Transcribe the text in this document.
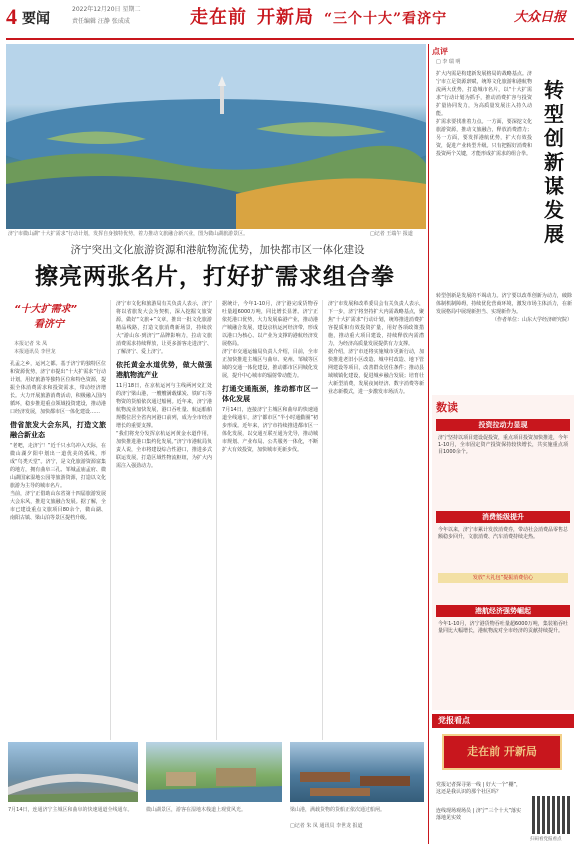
4 要闻
2022年12月20日 星期二
责任编辑 汪静 张成成	走在前 开新局 “三个十大”看济宁	大众日报
济宁市微山湖“十大扩需求”行动计划，发挥自身独特优势，着力推动文旅融合新兴业，图为微山湖旅游景区。	□记者 王端午 报道
济宁突出文化旅游资源和港航物流优势，加快都市区一体化建设
擦亮两张名片，打好扩需求组合拳
“十大扩需求”
看济宁
本报记者 朱 凤
本报通讯员 李世龙

孔孟之乡，运河之都。基于济宁的独特区位和资源优势，济宁市提出“十大扩需求”行动计划，用好旅游等独特区位和特色资源，提振全体消费需求和投资需求，带动经济增长。大力开展旅游消费活动，积极融入国内循环，稳步推进重点领域投资建设，推动港口经济发展，加快都市区一体化建设……

借省旅发大会东风，打造文旅融合新业态

“老吧，走济宁！”近千只水鸟冲入天际，在微山湖夕阳中划出一道优美的弧线，形成“鸟类天堂”。济宁，是文化旅游资源富集的地方，拥有曲阜三孔、邹城孟庙孟府、微山湖国家湿地公园等旅游资源，打造以文化旅游为主导的城市名片。

当前，济宁正借助山东省第十四届旅游发展大会东风，推进文旅融合发展。据了解，全市已建设重点文旅项目80余个，微山湖、南阳古镇、梁山泊等景区提档升级。

济宁市文化和旅游局有关负责人表示，济宁将以省旅发大会为契机，深入挖掘文旅资源，做好“文旅+”文章，推出一批文化旅游精品线路，打造文旅消费新场景，持续放大“游山东·到济宁”品牌影响力，拉动文旅消费需求持续释放，让更多游客走进济宁、了解济宁、爱上济宁。

依托黄金水道优势，做大做强港航物流产业

11月18日，在京杭运河与主线两河交汇处的济宁梁山港，一艘艘满载煤炭、铁矿石等物资的货船依次通过船闸。近年来，济宁港航物流业加快发展，港口吞吐量、航运船舶规模位居全省内河港口前列，成为全市经济增长的重要支撑。

“我们将充分发挥京杭运河黄金水道作用，加快推进港口集约化发展。”济宁市港航局负责人说，全市将建设综合性港口，推进多式联运发展，打造区域性物流枢纽，为扩大内需注入强劲动力。

据统计，今年1-10月，济宁港完成货物吞吐量超6000万吨，同比增长显著。济宁正依托港口优势，大力发展临港产业，推动港产城融合发展，建设京杭运河经济带，形成以港口为核心、以产业为支撑的港航经济发展格局。

济宁市交通运输局负责人介绍，目前，全市正加快推进主城区与曲阜、兖州、邹城等区域的交通一体化建设，推动都市区同城化发展，提升中心城市的辐射带动能力。

打通交通瓶颈，推动都市区一体化发展

7月14日，连接济宁主城区和曲阜的快速通道全线通车，济宁都市区“半小时通勤圈”初步形成。近年来，济宁市持续推进都市区一体化发展，以交通互联互通为先导，推动城市规划、产业布局、公共服务一体化，不断扩大有效投资，加快城市更新步伐。

济宁市发展和改革委员会有关负责人表示，下一步，济宁将坚持扩大内需战略基点，聚焦“十大扩需求”行动计划，统筹推进消费扩容提质和有效投资扩量，用好各项政策措施，推动重大项目建设，持续释放内需潜力，为经济高质量发展提供有力支撑。

据介绍，济宁市还将实施城市更新行动，加快推进老旧小区改造、城中村改造、地下管网建设等项目，改善群众居住条件；推动县域城镇化建设，促进城乡融合发展；培育壮大新型消费，发展夜间经济、数字消费等新业态新模式，进一步激发市场活力。

7月14日，连通济宁主城区和曲阜的快速通道全线通车。	微山湖景区，游客在湿地木栈道上观赏风光。	梁山港，满载货物的货船正依次通过船闸。
□记者 朱 凤 通讯员 李世龙 报道
点评
□ 李 瑞 明
转型创新谋发展

扩大内需是构建新发展格局的战略基点。济宁市立足资源禀赋，统筹文化旅游和港航物流两大优势，打造城市名片，以“十大扩需求”行动计划为抓手，推动消费扩容与投资扩量协同发力，为高质量发展注入持久动能。

扩需求要找准着力点。一方面，要深挖文化旅游资源，推动文旅融合，释放消费潜力；另一方面，要发挥港航优势，扩大有效投资，促进产业转型升级。只有把握好消费和投资两个关键，才能形成扩需求的组合拳。

转型创新是发展的不竭动力。济宁要以改革创新为动力，破除体制机制障碍，持续优化营商环境，激发市场主体活力，在新发展格局中展现新担当、实现新作为。

（作者单位：山东大学经济研究院）

数读
投资拉动力显现
济宁坚持以项目建设促投资，重点项目投资加快推进，今年1-10月，全市固定资产投资保持较快增长，共实施重点项目1000余个。
消费能级提升
今年以来，济宁市累计发放消费券，带动社会消费品零售总额稳步回升，文旅消费、汽车消费持续走热。
发放“大礼包”提振消费信心
港航经济强势崛起
今年1-10月，济宁港货物吞吐量超6000万吨，集装箱吞吐量同比大幅增长，港航物流对全市经济的贡献持续提升。
党报看点
走在前 开新局
党报记者探寻第一线 | 好大一个“棚”，这还是我认识的那个社区吗？
连线现场观场员 | 济宁“三个十大”落实落地见实效
扫码看党报看点
